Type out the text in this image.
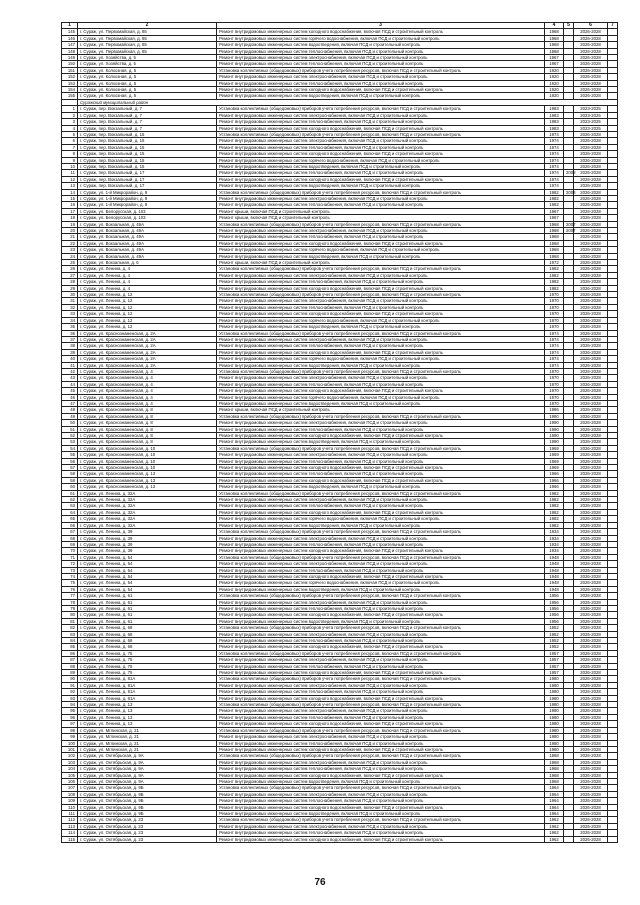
1	2	3	4	5	6	7
145	г. Сураж, ул. Первомайская, д. 85	Ремонт внутридомовых инженерных систем холодного водоснабжения, включая ПСД и строительный контроль	1968		2026-2028	
146	г. Сураж, ул. Первомайская, д. 85	Ремонт внутридомовых инженерных систем горячего водоснабжения, включая ПСД и строительный контроль	1968		2026-2028	
147	г. Сураж, ул. Первомайская, д. 85	Ремонт внутридомовых инженерных систем водоотведения, включая ПСД и строительный контроль	1968		2026-2028	
148	г. Сураж, ул. Первомайская, д. 85	Ремонт внутридомовых инженерных систем теплоснабжения, включая ПСД и строительный контроль	1968		2026-2028	
149	г. Сураж, ул. Хозяйства, д. 5	Ремонт внутридомовых инженерных систем электроснабжения, включая ПСД и строительный контроль	1967		2026-2028	
150	г. Сураж, ул. Хозяйства, д. 5	Ремонт внутридомовых инженерных систем теплоснабжения, включая ПСД и строительный контроль	1967		2026-2028	
151	г. Сураж, ул. Колхозная, д. 5	Установка коллективных (общедомовых) приборов учета потребления ресурсов, включая ПСД и строительный контроль	1920		2026-2028	
152	г. Сураж, ул. Колхозная, д. 5	Ремонт внутридомовых инженерных систем электроснабжения, включая ПСД и строительный контроль	1920		2026-2028	
153	г. Сураж, ул. Колхозная, д. 5	Ремонт внутридомовых инженерных систем теплоснабжения, включая ПСД и строительный контроль	1920		2026-2028	
154	г. Сураж, ул. Колхозная, д. 5	Ремонт внутридомовых инженерных систем холодного водоснабжения, включая ПСД и строительный контроль	1920		2026-2028	
155	г. Сураж, ул. Колхозная, д. 5	Ремонт внутридомовых инженерных систем водоотведения, включая ПСД и строительный контроль	1920		2026-2028	
	Суражский муниципальный район					
1	г. Сураж, пер. Вокзальный, д. 7	Установка коллективных (общедомовых) приборов учета потребления ресурсов, включая ПСД и строительный контроль	1983		2023-2025	
2	г. Сураж, пер. Вокзальный, д. 7	Ремонт внутридомовых инженерных систем электроснабжения, включая ПСД и строительный контроль	1983		2023-2025	
3	г. Сураж, пер. Вокзальный, д. 7	Ремонт внутридомовых инженерных систем теплоснабжения, включая ПСД и строительный контроль	1983		2023-2025	
4	г. Сураж, пер. Вокзальный, д. 7	Ремонт внутридомовых инженерных систем холодного водоснабжения, включая ПСД и строительный контроль	1983		2023-2025	
5	г. Сураж, пер. Вокзальный, д. 15	Установка коллективных (общедомовых) приборов учета потребления ресурсов, включая ПСД и строительный контроль	1974		2026-2028	
6	г. Сураж, пер. Вокзальный, д. 15	Ремонт внутридомовых инженерных систем электроснабжения, включая ПСД и строительный контроль	1974		2026-2028	
7	г. Сураж, пер. Вокзальный, д. 15	Ремонт внутридомовых инженерных систем теплоснабжения, включая ПСД и строительный контроль	1974		2026-2028	
8	г. Сураж, пер. Вокзальный, д. 15	Ремонт внутридомовых инженерных систем холодного водоснабжения, включая ПСД и строительный контроль	1974		2026-2028	
9	г. Сураж, пер. Вокзальный, д. 15	Ремонт внутридомовых инженерных систем горячего водоснабжения, включая ПСД и строительный контроль	1974		2026-2028	
10	г. Сураж, пер. Вокзальный, д. 15	Ремонт внутридомовых инженерных систем водоотведения, включая ПСД и строительный контроль	1974		2026-2028	
11	г. Сураж, пер. Вокзальный, д. 17	Ремонт внутридомовых инженерных систем теплоснабжения, включая ПСД и строительный контроль	1974	2008	2026-2028	
12	г. Сураж, пер. Вокзальный, д. 17	Ремонт внутридомовых инженерных систем холодного водоснабжения, включая ПСД и строительный контроль	1974		2026-2028	
13	г. Сураж, пер. Вокзальный, д. 17	Ремонт внутридомовых инженерных систем водоотведения, включая ПСД и строительный контроль	1974		2026-2028	
14	г. Сураж, ул. 1-й Микрорайон, д. 9	Установка коллективных (общедомовых) приборов учета потребления ресурсов, включая ПСД и строительный контроль	1982	2008	2026-2028	
15	г. Сураж, ул. 1-й Микрорайон, д. 9	Ремонт внутридомовых инженерных систем электроснабжения, включая ПСД и строительный контроль	1982		2026-2028	
16	г. Сураж, ул. 1-й Микрорайон, д. 9	Ремонт внутридомовых инженерных систем теплоснабжения, включая ПСД и строительный контроль	1982		2026-2028	
17	г. Сураж, ул. Белорусская, д. 103	Ремонт крыши, включая ПСД и строительный контроль	1967		2026-2028	
18	г. Сураж, ул. Белорусская, д. 103	Ремонт крыши, включая ПСД и строительный контроль	1967		2026-2028	
19	г. Сураж, ул. Вокзальная, д. 49А	Установка коллективных (общедомовых) приборов учета потребления ресурсов, включая ПСД и строительный контроль	1968	2007	2026-2028	
20	г. Сураж, ул. Вокзальная, д. 49А	Ремонт внутридомовых инженерных систем электроснабжения, включая ПСД и строительный контроль	1968	2007	2026-2028	
21	г. Сураж, ул. Вокзальная, д. 49А	Ремонт внутридомовых инженерных систем теплоснабжения, включая ПСД и строительный контроль	1968		2026-2028	
22	г. Сураж, ул. Вокзальная, д. 49А	Ремонт внутридомовых инженерных систем холодного водоснабжения, включая ПСД и строительный контроль	1968		2026-2028	
23	г. Сураж, ул. Вокзальная, д. 49А	Ремонт внутридомовых инженерных систем горячего водоснабжения, включая ПСД и строительный контроль	1968		2026-2028	
24	г. Сураж, ул. Вокзальная, д. 49А	Ремонт внутридомовых инженерных систем водоотведения, включая ПСД и строительный контроль	1968		2026-2028	
25	г. Сураж, ул. Вокзальная, д. 6	Ремонт крыши, включая ПСД и строительный контроль	1972		2026-2028	
26	г. Сураж, ул. Ленина, д. 4	Установка коллективных (общедомовых) приборов учета потребления ресурсов, включая ПСД и строительный контроль	1982		2026-2028	
27	г. Сураж, ул. Ленина, д. 4	Ремонт внутридомовых инженерных систем электроснабжения, включая ПСД и строительный контроль	1982		2026-2028	
28	г. Сураж, ул. Ленина, д. 4	Ремонт внутридомовых инженерных систем теплоснабжения, включая ПСД и строительный контроль	1982		2026-2028	
29	г. Сураж, ул. Ленина, д. 4	Ремонт внутридомовых инженерных систем холодного водоснабжения, включая ПСД и строительный контроль	1982		2026-2028	
30	г. Сураж, ул. Ленина, д. 12	Установка коллективных (общедомовых) приборов учета потребления ресурсов, включая ПСД и строительный контроль	1970		2026-2028	
31	г. Сураж, ул. Ленина, д. 12	Ремонт внутридомовых инженерных систем электроснабжения, включая ПСД и строительный контроль	1970		2026-2028	
32	г. Сураж, ул. Ленина, д. 12	Ремонт внутридомовых инженерных систем теплоснабжения, включая ПСД и строительный контроль	1970		2026-2028	
33	г. Сураж, ул. Ленина, д. 12	Ремонт внутридомовых инженерных систем холодного водоснабжения, включая ПСД и строительный контроль	1970		2026-2028	
34	г. Сураж, ул. Ленина, д. 12	Ремонт внутридомовых инженерных систем горячего водоснабжения, включая ПСД и строительный контроль	1970		2026-2028	
35	г. Сураж, ул. Ленина, д. 12	Ремонт внутридомовых инженерных систем водоотведения, включая ПСД и строительный контроль	1970		2026-2028	
36	г. Сураж, ул. Краснознаменская, д. 2А	Установка коллективных (общедомовых) приборов учета потребления ресурсов, включая ПСД и строительный контроль	1974		2026-2028	
37	г. Сураж, ул. Краснознаменская, д. 2А	Ремонт внутридомовых инженерных систем электроснабжения, включая ПСД и строительный контроль	1974		2026-2028	
38	г. Сураж, ул. Краснознаменская, д. 2А	Ремонт внутридомовых инженерных систем теплоснабжения, включая ПСД и строительный контроль	1974		2026-2028	
39	г. Сураж, ул. Краснознаменская, д. 2А	Ремонт внутридомовых инженерных систем холодного водоснабжения, включая ПСД и строительный контроль	1974		2026-2028	
40	г. Сураж, ул. Краснознаменская, д. 2А	Ремонт внутридомовых инженерных систем горячего водоснабжения, включая ПСД и строительный контроль	1974		2026-2028	
41	г. Сураж, ул. Краснознаменская, д. 2А	Ремонт внутридомовых инженерных систем водоотведения, включая ПСД и строительный контроль	1974		2026-2028	
42	г. Сураж, ул. Краснознаменская, д. 4	Установка коллективных (общедомовых) приборов учета потребления ресурсов, включая ПСД и строительный контроль	1970		2026-2028	
43	г. Сураж, ул. Краснознаменская, д. 4	Ремонт внутридомовых инженерных систем электроснабжения, включая ПСД и строительный контроль	1970		2026-2028	
44	г. Сураж, ул. Краснознаменская, д. 4	Ремонт внутридомовых инженерных систем теплоснабжения, включая ПСД и строительный контроль	1970		2026-2028	
45	г. Сураж, ул. Краснознаменская, д. 4	Ремонт внутридомовых инженерных систем холодного водоснабжения, включая ПСД и строительный контроль	1970		2026-2028	
46	г. Сураж, ул. Краснознаменская, д. 4	Ремонт внутридомовых инженерных систем горячего водоснабжения, включая ПСД и строительный контроль	1970		2026-2028	
47	г. Сураж, ул. Краснознаменская, д. 4	Ремонт внутридомовых инженерных систем водоотведения, включая ПСД и строительный контроль	1970		2026-2028	
48	г. Сураж, ул. Краснознаменская, д. 8	Ремонт крыши, включая ПСД и строительный контроль	1986		2026-2028	
49	г. Сураж, ул. Краснознаменская, д. 8	Установка коллективных (общедомовых) приборов учета потребления ресурсов, включая ПСД и строительный контроль	1990		2026-2028	
50	г. Сураж, ул. Краснознаменская, д. 8	Ремонт внутридомовых инженерных систем электроснабжения, включая ПСД и строительный контроль	1990		2026-2028	
51	г. Сураж, ул. Краснознаменская, д. 8	Ремонт внутридомовых инженерных систем теплоснабжения, включая ПСД и строительный контроль	1990		2026-2028	
52	г. Сураж, ул. Краснознаменская, д. 8	Ремонт внутридомовых инженерных систем холодного водоснабжения, включая ПСД и строительный контроль	1990		2026-2028	
53	г. Сураж, ул. Краснознаменская, д. 8	Ремонт внутридомовых инженерных систем водоотведения, включая ПСД и строительный контроль	1990		2026-2028	
54	г. Сураж, ул. Краснознаменская, д. 10	Установка коллективных (общедомовых) приборов учета потребления ресурсов, включая ПСД и строительный контроль	1969		2026-2028	
55	г. Сураж, ул. Краснознаменская, д. 10	Ремонт внутридомовых инженерных систем электроснабжения, включая ПСД и строительный контроль	1969		2026-2028	
56	г. Сураж, ул. Краснознаменская, д. 10	Ремонт внутридомовых инженерных систем теплоснабжения, включая ПСД и строительный контроль	1969		2026-2028	
57	г. Сураж, ул. Краснознаменская, д. 10	Ремонт внутридомовых инженерных систем холодного водоснабжения, включая ПСД и строительный контроль	1969		2026-2028	
58	г. Сураж, ул. Краснознаменская, д. 13	Ремонт внутридомовых инженерных систем теплоснабжения, включая ПСД и строительный контроль	1966		2026-2028	
59	г. Сураж, ул. Краснознаменская, д. 13	Ремонт внутридомовых инженерных систем холодного водоснабжения, включая ПСД и строительный контроль	1966		2026-2028	
60	г. Сураж, ул. Краснознаменская, д. 13	Ремонт внутридомовых инженерных систем водоотведения, включая ПСД и строительный контроль	1966		2026-2028	
61	г. Сураж, ул. Ленина, д. 32А	Установка коллективных (общедомовых) приборов учета потребления ресурсов, включая ПСД и строительный контроль	1982		2026-2028	
62	г. Сураж, ул. Ленина, д. 32А	Ремонт внутридомовых инженерных систем электроснабжения, включая ПСД и строительный контроль	1982		2026-2028	
63	г. Сураж, ул. Ленина, д. 32А	Ремонт внутридомовых инженерных систем теплоснабжения, включая ПСД и строительный контроль	1982		2026-2028	
64	г. Сураж, ул. Ленина, д. 32А	Ремонт внутридомовых инженерных систем холодного водоснабжения, включая ПСД и строительный контроль	1982		2026-2028	
65	г. Сураж, ул. Ленина, д. 32А	Ремонт внутридомовых инженерных систем горячего водоснабжения, включая ПСД и строительный контроль	1982		2026-2028	
66	г. Сураж, ул. Ленина, д. 32А	Ремонт внутридомовых инженерных систем водоотведения, включая ПСД и строительный контроль	1982		2026-2028	
67	г. Сураж, ул. Ленина, д. 39	Установка коллективных (общедомовых) приборов учета потребления ресурсов, включая ПСД и строительный контроль	1934		2026-2028	
68	г. Сураж, ул. Ленина, д. 39	Ремонт внутридомовых инженерных систем электроснабжения, включая ПСД и строительный контроль	1934		2026-2028	
69	г. Сураж, ул. Ленина, д. 39	Ремонт внутридомовых инженерных систем теплоснабжения, включая ПСД и строительный контроль	1934		2026-2028	
70	г. Сураж, ул. Ленина, д. 39	Ремонт внутридомовых инженерных систем холодного водоснабжения, включая ПСД и строительный контроль	1934		2026-2028	
71	г. Сураж, ул. Ленина, д. 54	Установка коллективных (общедомовых) приборов учета потребления ресурсов, включая ПСД и строительный контроль	1948		2026-2028	
72	г. Сураж, ул. Ленина, д. 54	Ремонт внутридомовых инженерных систем электроснабжения, включая ПСД и строительный контроль	1948		2026-2028	
73	г. Сураж, ул. Ленина, д. 54	Ремонт внутридомовых инженерных систем теплоснабжения, включая ПСД и строительный контроль	1948		2026-2028	
74	г. Сураж, ул. Ленина, д. 54	Ремонт внутридомовых инженерных систем холодного водоснабжения, включая ПСД и строительный контроль	1948		2026-2028	
75	г. Сураж, ул. Ленина, д. 54	Ремонт внутридомовых инженерных систем горячего водоснабжения, включая ПСД и строительный контроль	1948		2026-2028	
76	г. Сураж, ул. Ленина, д. 54	Ремонт внутридомовых инженерных систем водоотведения, включая ПСД и строительный контроль	1948		2026-2028	
77	г. Сураж, ул. Ленина, д. 61	Установка коллективных (общедомовых) приборов учета потребления ресурсов, включая ПСД и строительный контроль	1956		2026-2028	
78	г. Сураж, ул. Ленина, д. 61	Ремонт внутридомовых инженерных систем электроснабжения, включая ПСД и строительный контроль	1956		2026-2028	
79	г. Сураж, ул. Ленина, д. 61	Ремонт внутридомовых инженерных систем теплоснабжения, включая ПСД и строительный контроль	1956		2026-2028	
80	г. Сураж, ул. Ленина, д. 61	Ремонт внутридомовых инженерных систем холодного водоснабжения, включая ПСД и строительный контроль	1956		2026-2028	
81	г. Сураж, ул. Ленина, д. 61	Ремонт внутридомовых инженерных систем водоотведения, включая ПСД и строительный контроль	1956		2026-2028	
82	г. Сураж, ул. Ленина, д. 68	Установка коллективных (общедомовых) приборов учета потребления ресурсов, включая ПСД и строительный контроль	1952		2026-2028	
83	г. Сураж, ул. Ленина, д. 68	Ремонт внутридомовых инженерных систем электроснабжения, включая ПСД и строительный контроль	1952		2026-2028	
84	г. Сураж, ул. Ленина, д. 68	Ремонт внутридомовых инженерных систем теплоснабжения, включая ПСД и строительный контроль	1952		2026-2028	
85	г. Сураж, ул. Ленина, д. 68	Ремонт внутридомовых инженерных систем холодного водоснабжения, включая ПСД и строительный контроль	1952		2026-2028	
86	г. Сураж, ул. Ленина, д. 75	Установка коллективных (общедомовых) приборов учета потребления ресурсов, включая ПСД и строительный контроль	1957		2026-2028	
87	г. Сураж, ул. Ленина, д. 75	Ремонт внутридомовых инженерных систем электроснабжения, включая ПСД и строительный контроль	1957		2026-2028	
88	г. Сураж, ул. Ленина, д. 75	Ремонт внутридомовых инженерных систем теплоснабжения, включая ПСД и строительный контроль	1957		2026-2028	
89	г. Сураж, ул. Ленина, д. 75	Ремонт внутридомовых инженерных систем холодного водоснабжения, включая ПСД и строительный контроль	1957		2026-2028	
90	г. Сураж, ул. Ленина, д. 81А	Установка коллективных (общедомовых) приборов учета потребления ресурсов, включая ПСД и строительный контроль	1980		2026-2028	
91	г. Сураж, ул. Ленина, д. 81А	Ремонт внутридомовых инженерных систем электроснабжения, включая ПСД и строительный контроль	1980		2026-2028	
92	г. Сураж, ул. Ленина, д. 81А	Ремонт внутридомовых инженерных систем теплоснабжения, включая ПСД и строительный контроль	1980		2026-2028	
93	г. Сураж, ул. Ленина, д. 81А	Ремонт внутридомовых инженерных систем холодного водоснабжения, включая ПСД и строительный контроль	1980		2026-2028	
94	г. Сураж, ул. Ленина, д. 13	Установка коллективных (общедомовых) приборов учета потребления ресурсов, включая ПСД и строительный контроль	1980		2026-2028	
95	г. Сураж, ул. Ленина, д. 13	Ремонт внутридомовых инженерных систем электроснабжения, включая ПСД и строительный контроль	1980		2026-2028	
96	г. Сураж, ул. Ленина, д. 13	Ремонт внутридомовых инженерных систем теплоснабжения, включая ПСД и строительный контроль	1980		2026-2028	
97	г. Сураж, ул. Ленина, д. 13	Ремонт внутридомовых инженерных систем холодного водоснабжения, включая ПСД и строительный контроль	1980		2026-2028	
98	г. Сураж, ул. Мглинская, д. 21	Установка коллективных (общедомовых) приборов учета потребления ресурсов, включая ПСД и строительный контроль	1980		2026-2028	
99	г. Сураж, ул. Мглинская, д. 21	Ремонт внутридомовых инженерных систем электроснабжения, включая ПСД и строительный контроль	1980		2026-2028	
100	г. Сураж, ул. Мглинская, д. 21	Ремонт внутридомовых инженерных систем теплоснабжения, включая ПСД и строительный контроль	1980		2026-2028	
101	г. Сураж, ул. Мглинская, д. 21	Ремонт внутридомовых инженерных систем холодного водоснабжения, включая ПСД и строительный контроль	1980		2026-2028	
102	г. Сураж, ул. Октябрьская, д. 9А	Установка коллективных (общедомовых) приборов учета потребления ресурсов, включая ПСД и строительный контроль	1968		2026-2028	
103	г. Сураж, ул. Октябрьская, д. 9А	Ремонт внутридомовых инженерных систем электроснабжения, включая ПСД и строительный контроль	1968		2026-2028	
104	г. Сураж, ул. Октябрьская, д. 9А	Ремонт внутридомовых инженерных систем теплоснабжения, включая ПСД и строительный контроль	1968		2026-2028	
105	г. Сураж, ул. Октябрьская, д. 9А	Ремонт внутридомовых инженерных систем холодного водоснабжения, включая ПСД и строительный контроль	1968		2026-2028	
106	г. Сураж, ул. Октябрьская, д. 9А	Ремонт внутридомовых инженерных систем водоотведения, включая ПСД и строительный контроль	1968		2026-2028	
107	г. Сураж, ул. Октябрьская, д. 9Б	Установка коллективных (общедомовых) приборов учета потребления ресурсов, включая ПСД и строительный контроль	1964		2026-2028	
108	г. Сураж, ул. Октябрьская, д. 9Б	Ремонт внутридомовых инженерных систем электроснабжения, включая ПСД и строительный контроль	1964		2026-2028	
109	г. Сураж, ул. Октябрьская, д. 9Б	Ремонт внутридомовых инженерных систем теплоснабжения, включая ПСД и строительный контроль	1964		2026-2028	
110	г. Сураж, ул. Октябрьская, д. 9Б	Ремонт внутридомовых инженерных систем холодного водоснабжения, включая ПСД и строительный контроль	1964		2026-2028	
111	г. Сураж, ул. Октябрьская, д. 9Б	Ремонт внутридомовых инженерных систем водоотведения, включая ПСД и строительный контроль	1964		2026-2028	
112	г. Сураж, ул. Октябрьская, д. 23	Установка коллективных (общедомовых) приборов учета потребления ресурсов, включая ПСД и строительный контроль	1962		2026-2028	
113	г. Сураж, ул. Октябрьская, д. 23	Ремонт внутридомовых инженерных систем электроснабжения, включая ПСД и строительный контроль	1962		2026-2028	
114	г. Сураж, ул. Октябрьская, д. 23	Ремонт внутридомовых инженерных систем теплоснабжения, включая ПСД и строительный контроль	1962		2026-2028	
115	г. Сураж, ул. Октябрьская, д. 23	Ремонт внутридомовых инженерных систем холодного водоснабжения, включая ПСД и строительный контроль	1962		2026-2028	
76
